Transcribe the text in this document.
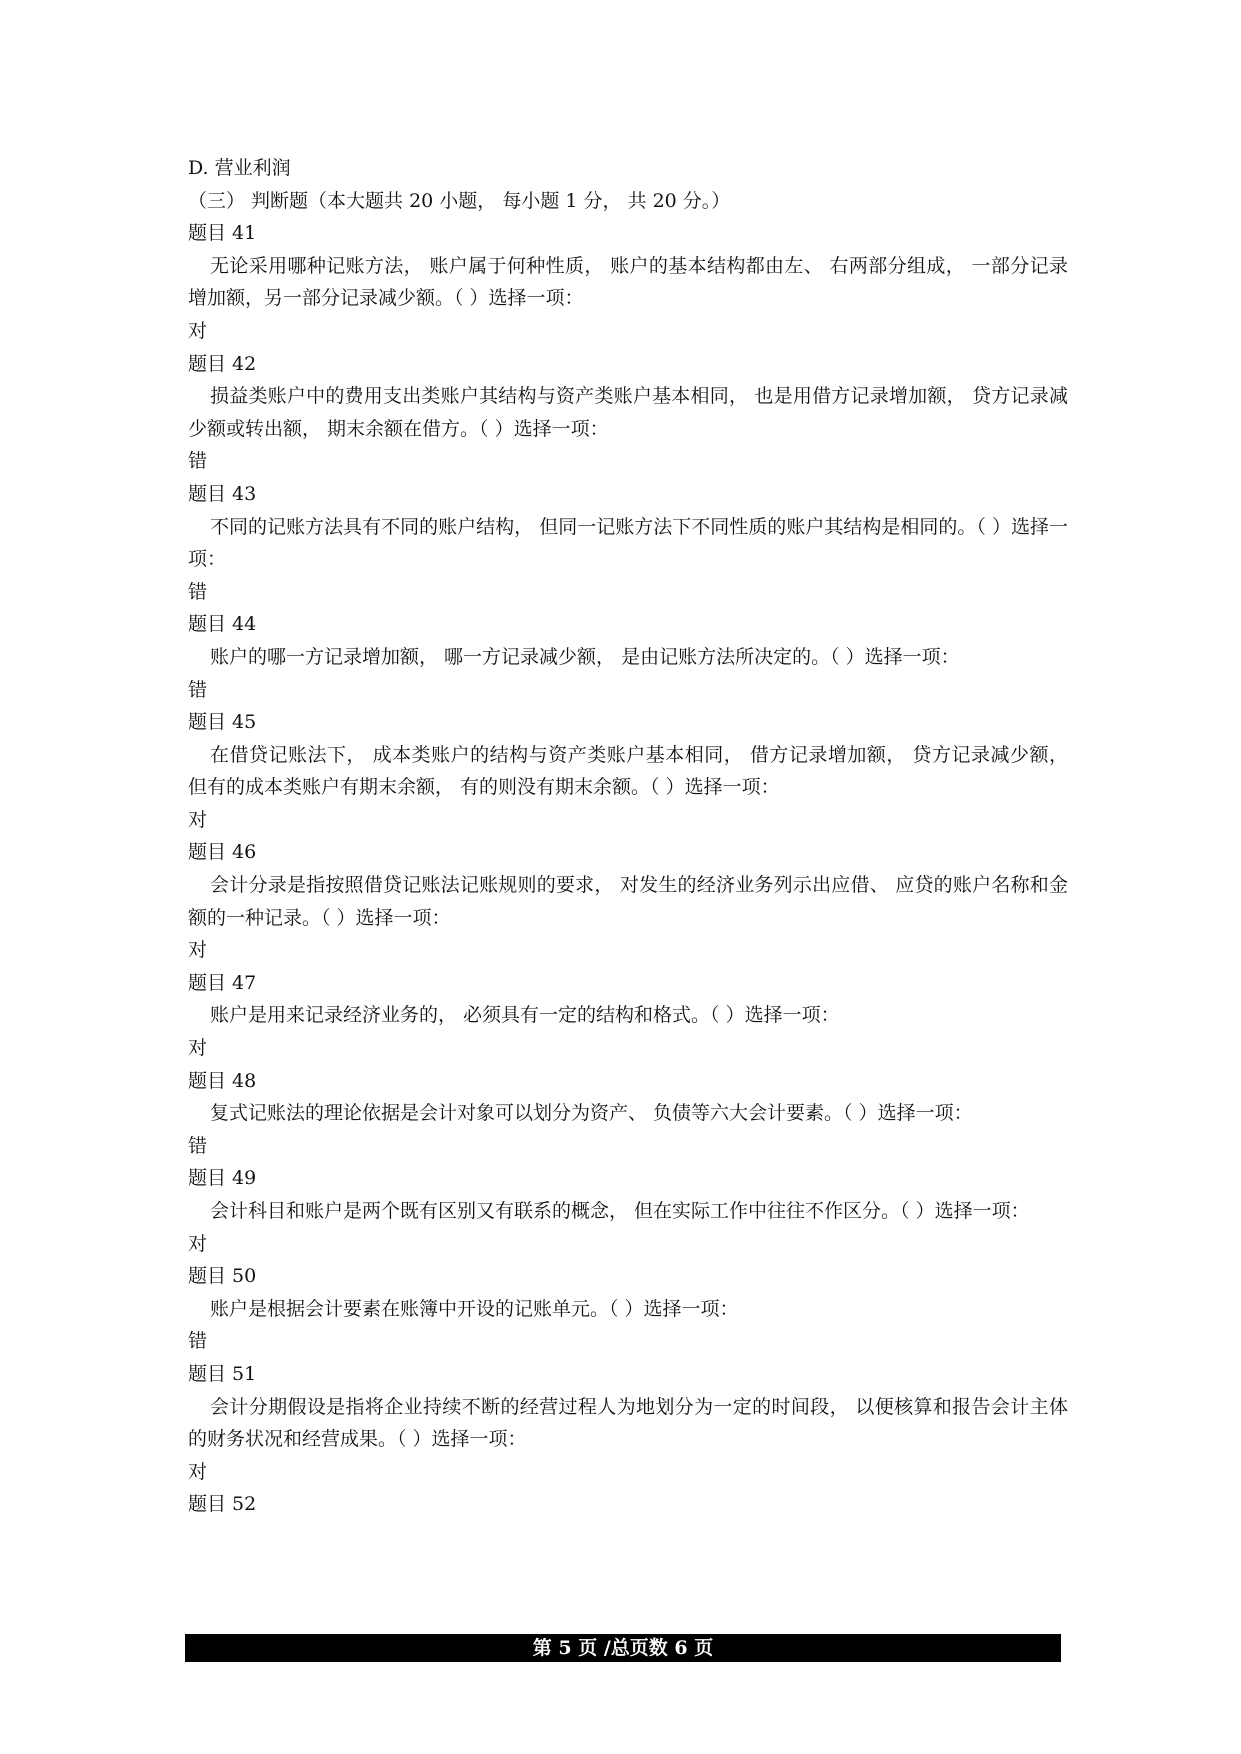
D. 营业利润
（三） 判断题（本大题共 20 小题， 每小题 1 分， 共 20 分。）
题目 41
无论采用哪种记账方法， 账户属于何种性质， 账户的基本结构都由左、 右两部分组成， 一部分记录增加额，另一部分记录减少额。（ ）选择一项：
对
题目 42
损益类账户中的费用支出类账户其结构与资产类账户基本相同， 也是用借方记录增加额， 贷方记录减少额或转出额， 期末余额在借方。（ ）选择一项：
错
题目 43
不同的记账方法具有不同的账户结构， 但同一记账方法下不同性质的账户其结构是相同的。（ ）选择一项：
错
题目 44
账户的哪一方记录增加额， 哪一方记录减少额， 是由记账方法所决定的。（ ）选择一项：
错
题目 45
在借贷记账法下， 成本类账户的结构与资产类账户基本相同， 借方记录增加额， 贷方记录减少额， 但有的成本类账户有期末余额， 有的则没有期末余额。（ ）选择一项：
对
题目 46
会计分录是指按照借贷记账法记账规则的要求， 对发生的经济业务列示出应借、 应贷的账户名称和金额的一种记录。（ ）选择一项：
对
题目 47
账户是用来记录经济业务的， 必须具有一定的结构和格式。（ ）选择一项：
对
题目 48
复式记账法的理论依据是会计对象可以划分为资产、 负债等六大会计要素。（ ）选择一项：
错
题目 49
会计科目和账户是两个既有区别又有联系的概念， 但在实际工作中往往不作区分。（ ）选择一项：
对
题目 50
账户是根据会计要素在账簿中开设的记账单元。（ ）选择一项：
错
题目 51
会计分期假设是指将企业持续不断的经营过程人为地划分为一定的时间段， 以便核算和报告会计主体的财务状况和经营成果。（ ）选择一项：
对
题目 52
第 5 页 /总页数 6 页
